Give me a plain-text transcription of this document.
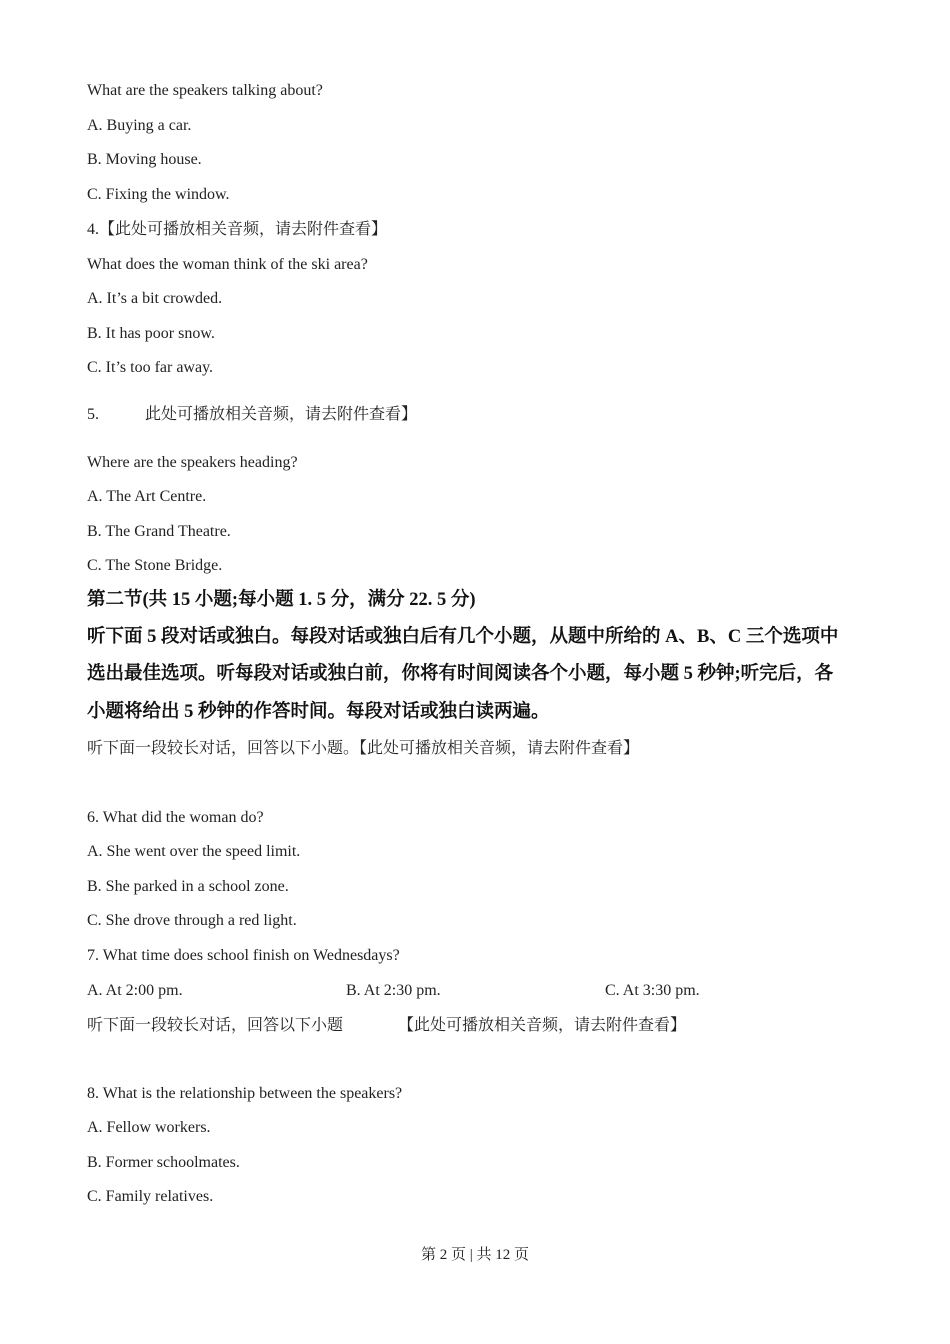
What are the speakers talking about?
A. Buying a car.
B. Moving house.
C. Fixing the window.
4.【此处可播放相关音频，请去附件查看】
What does the woman think of the ski area?
A. It’s a bit crowded.
B. It has poor snow.
C. It’s too far away.
5.	此处可播放相关音频，请去附件查看】
Where are the speakers heading?
A. The Art Centre.
B. The Grand Theatre.
C. The Stone Bridge.
第二节(共 15 小题;每小题 1. 5 分，满分 22. 5 分)
听下面 5 段对话或独白。每段对话或独白后有几个小题，从题中所给的 A、B、C 三个选项中
选出最佳选项。听每段对话或独白前，你将有时间阅读各个小题，每小题 5 秒钟;听完后，各
小题将给出 5 秒钟的作答时间。每段对话或独白读两遍。
听下面一段较长对话，回答以下小题。【此处可播放相关音频，请去附件查看】
6. What did the woman do?
A. She went over the speed limit.
B. She parked in a school zone.
C. She drove through a red light.
7. What time does school finish on Wednesdays?
A. At 2:00 pm.	B. At 2:30 pm.	C. At 3:30 pm.
听下面一段较长对话，回答以下小题	【此处可播放相关音频，请去附件查看】
8. What is the relationship between the speakers?
A. Fellow workers.
B. Former schoolmates.
C. Family relatives.
第 2 页 | 共 12 页
